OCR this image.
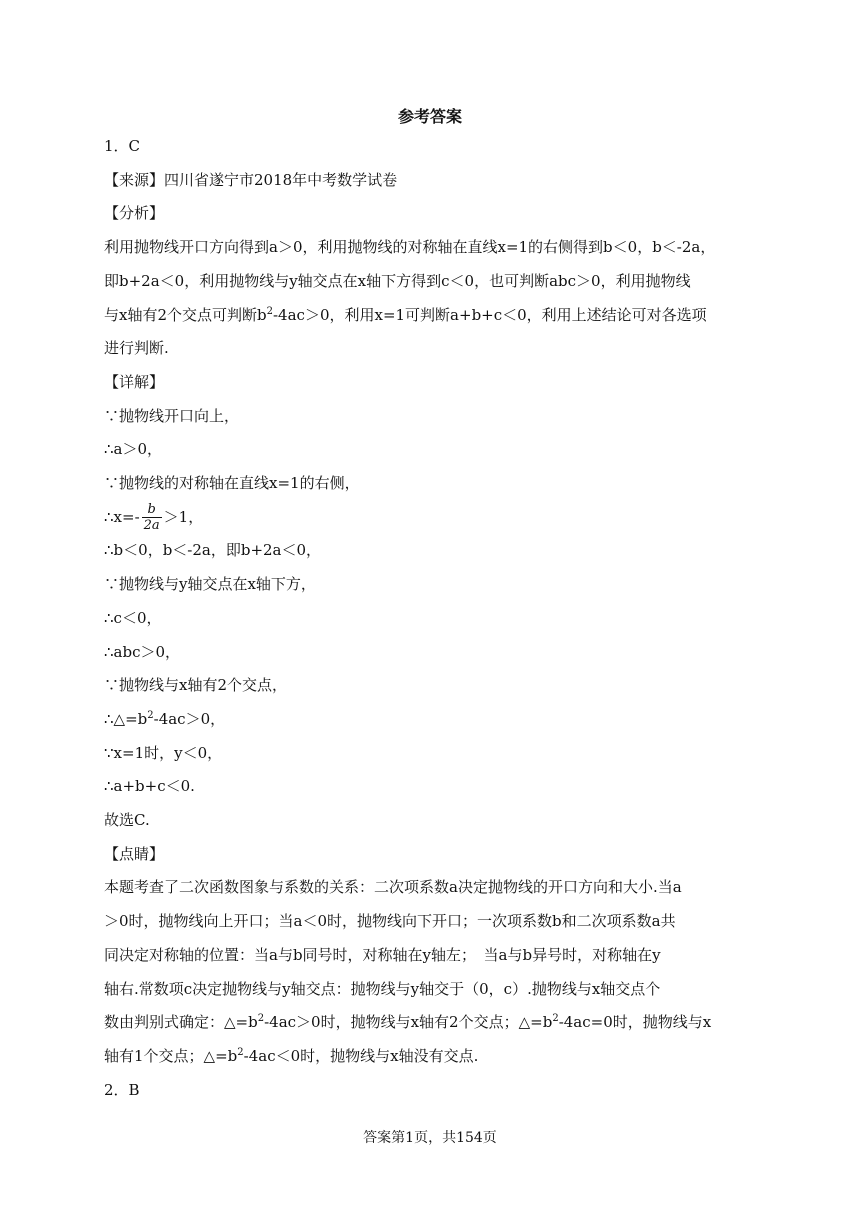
参考答案
1．C
【来源】四川省遂宁市2018年中考数学试卷
【分析】
利用抛物线开口方向得到a＞0，利用抛物线的对称轴在直线x=1的右侧得到b＜0，b＜-2a，
即b+2a＜0，利用抛物线与y轴交点在x轴下方得到c＜0，也可判断abc＞0，利用抛物线
与x轴有2个交点可判断$b^2-4ac>0$，利用x=1可判断a+b+c＜0，利用上述结论可对各选项
进行判断.
【详解】
∵抛物线开口向上，
∴a＞0，
∵抛物线的对称轴在直线x=1的右侧，
∴x=- $\frac{b}{2a} >1$，
∴b＜0，b＜-2a，即b+2a＜0，
∵抛物线与y轴交点在x轴下方，
∴c＜0，
∴abc＞0，
∵抛物线与x轴有2个交点，
$\therefore\triangle=b^2-4ac>0$，
∵x=1时，y＜0，
∴a+b+c＜0.
故选C.
【点睛】
本题考查了二次函数图象与系数的关系：二次项系数a决定抛物线的开口方向和大小.当a
＞0时，抛物线向上开口；当a＜0时，抛物线向下开口；一次项系数b和二次项系数a共
同决定对称轴的位置：当a与b同号时，对称轴在y轴左；　当a与b异号时，对称轴在y
轴右.常数项c决定抛物线与y轴交点：抛物线与y轴交于（0，c）.抛物线与x轴交点个
数由判别式确定：$\triangle=b^2-4ac>0$时，抛物线与x轴有2个交点；$\triangle=b^2-4ac=0$时，抛物线与x
轴有1个交点；$\triangle=b^2-4ac<0$时，抛物线与x轴没有交点.
2．B
答案第1页，共154页
